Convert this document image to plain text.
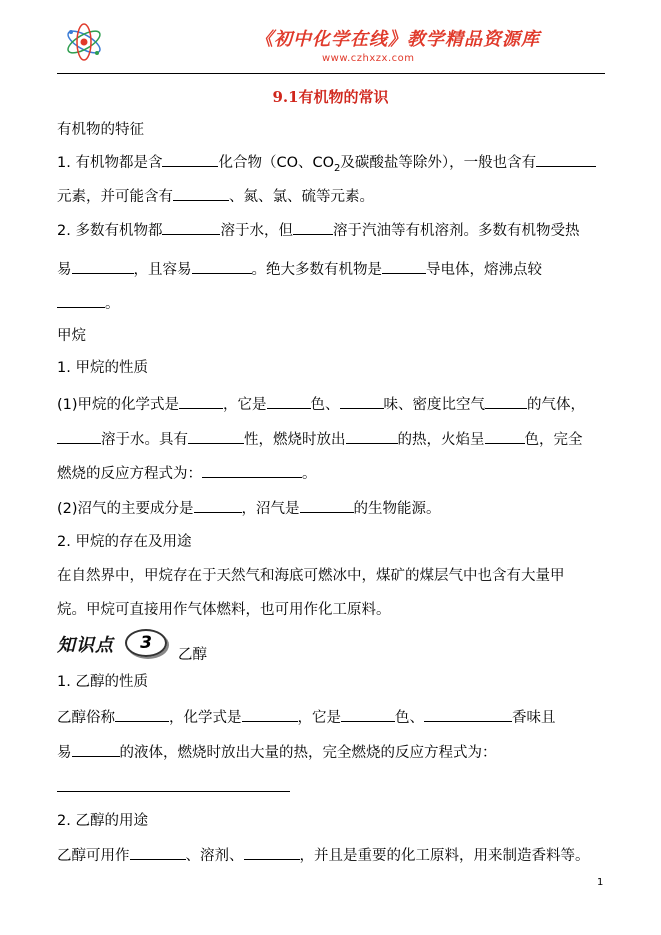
《初中化学在线》教学精品资源库
www.czhxzx.com
9.1有机物的常识
有机物的特征
1. 有机物都是含	化合物（CO、$CO_2$及碳酸盐等除外），一般也含有
元素，并可能含有	、氮、氯、硫等元素。
2. 多数有机物都	溶于水，但	溶于汽油等有机溶剂。多数有机物受热
易	，且容易	。绝大多数有机物是	导电体，熔沸点较
。
甲烷
1. 甲烷的性质
(1)甲烷的化学式是	，它是	色、	味、密度比空气	的气体，
溶于水。具有	性，燃烧时放出	的热，火焰呈	色，完全
燃烧的反应方程式为：	。
(2)沼气的主要成分是	，沼气是	的生物能源。
2. 甲烷的存在及用途
在自然界中，甲烷存在于天然气和海底可燃冰中，煤矿的煤层气中也含有大量甲
烷。甲烷可直接用作气体燃料，也可用作化工原料。
1. 乙醇的性质
乙醇俗称	，化学式是	，它是	色、	香味且
易	的液体，燃烧时放出大量的热，完全燃烧的反应方程式为：
2. 乙醇的用途
乙醇可用作	、溶剂、	，并且是重要的化工原料，用来制造香料等。
知识点	3
乙醇
1
